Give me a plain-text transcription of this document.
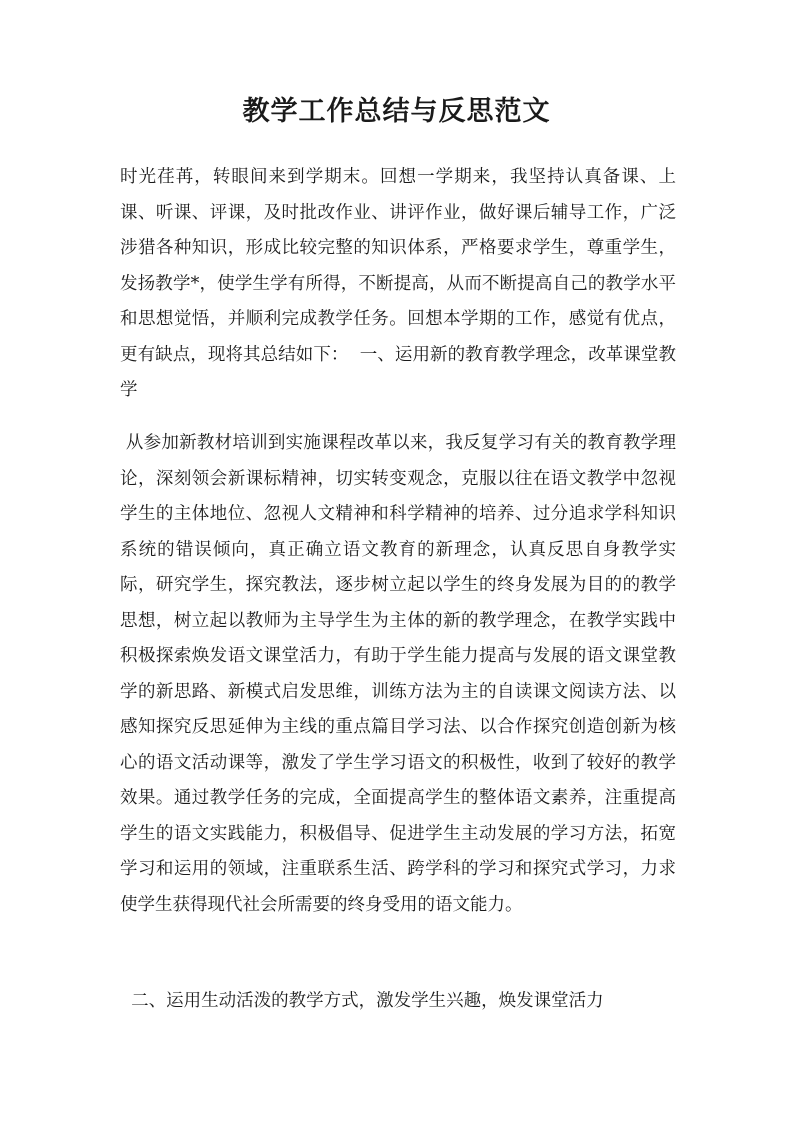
教学工作总结与反思范文

时光荏苒，转眼间来到学期末。回想一学期来，我坚持认真备课、上课、听课、评课，及时批改作业、讲评作业，做好课后辅导工作，广泛涉猎各种知识，形成比较完整的知识体系，严格要求学生，尊重学生，发扬教学*，使学生学有所得，不断提高，从而不断提高自己的教学水平和思想觉悟，并顺利完成教学任务。回想本学期的工作，感觉有优点，更有缺点，现将其总结如下：  一、运用新的教育教学理念，改革课堂教学

从参加新教材培训到实施课程改革以来，我反复学习有关的教育教学理论，深刻领会新课标精神，切实转变观念，克服以往在语文教学中忽视学生的主体地位、忽视人文精神和科学精神的培养、过分追求学科知识系统的错误倾向，真正确立语文教育的新理念，认真反思自身教学实际，研究学生，探究教法，逐步树立起以学生的终身发展为目的的教学思想，树立起以教师为主导学生为主体的新的教学理念，在教学实践中积极探索焕发语文课堂活力，有助于学生能力提高与发展的语文课堂教学的新思路、新模式启发思维，训练方法为主的自读课文阅读方法、以感知探究反思延伸为主线的重点篇目学习法、以合作探究创造创新为核心的语文活动课等，激发了学生学习语文的积极性，收到了较好的教学效果。通过教学任务的完成，全面提高学生的整体语文素养，注重提高学生的语文实践能力，积极倡导、促进学生主动发展的学习方法，拓宽学习和运用的领域，注重联系生活、跨学科的学习和探究式学习，力求使学生获得现代社会所需要的终身受用的语文能力。

二、运用生动活泼的教学方式，激发学生兴趣，焕发课堂活力
